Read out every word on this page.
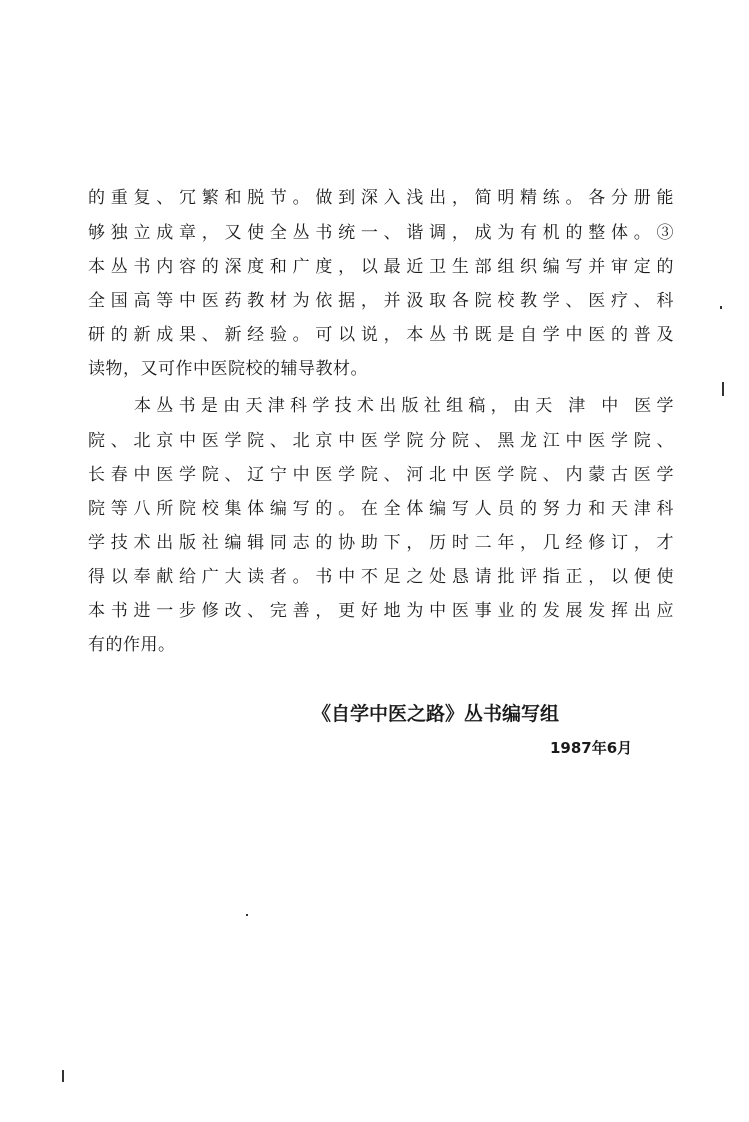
的重复、冗繁和脱节。做到深入浅出，简明精练。各分册能
够独立成章，又使全丛书统一、谐调，成为有机的整体。③
本丛书内容的深度和广度，以最近卫生部组织编写并审定的
全国高等中医药教材为依据，并汲取各院校教学、医疗、科
研的新成果、新经验。可以说，本丛书既是自学中医的普及
读物，又可作中医院校的辅导教材。
本丛书是由天津科学技术出版社组稿，由天 津 中 医学
院、北京中医学院、北京中医学院分院、黑龙江中医学院、
长春中医学院、辽宁中医学院、河北中医学院、内蒙古医学
院等八所院校集体编写的。在全体编写人员的努力和天津科
学技术出版社编辑同志的协助下，历时二年，几经修订，才
得以奉献给广大读者。书中不足之处恳请批评指正，以便使
本书进一步修改、完善，更好地为中医事业的发展发挥出应
有的作用。
《自学中医之路》丛书编写组
1987年6月
